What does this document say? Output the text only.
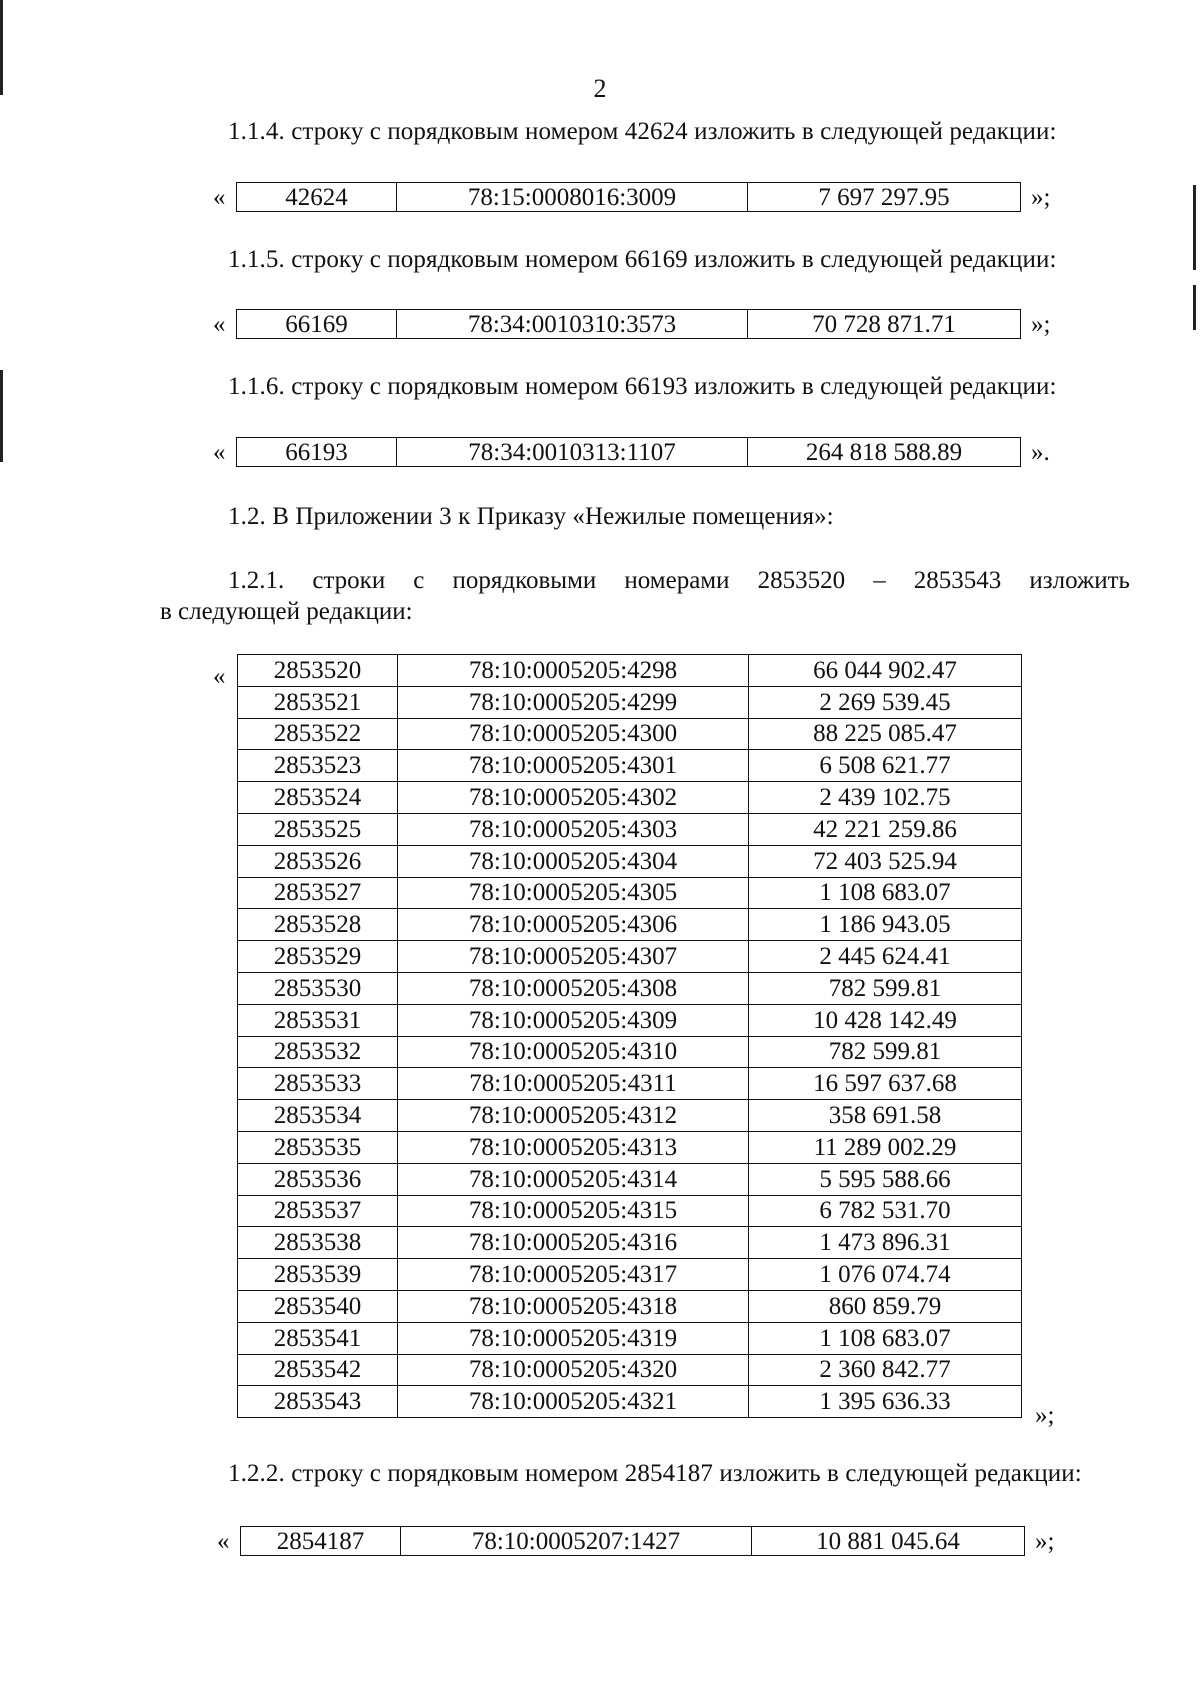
2
1.1.4. строку с порядковым номером 42624 изложить в следующей редакции:
« 42624	78:15:0008016:3009	7 697 297.95	»;
1.1.5. строку с порядковым номером 66169 изложить в следующей редакции:
« 66169	78:34:0010310:3573	70 728 871.71	»;
1.1.6. строку с порядковым номером 66193 изложить в следующей редакции:
« 66193	78:34:0010313:1107	264 818 588.89	».
1.2. В Приложении 3 к Приказу «Нежилые помещения»:
1.2.1. строки с порядковыми номерами 2853520 – 2853543 изложить
в следующей редакции:
« 2853520	78:10:0005205:4298	66 044 902.47
2853521	78:10:0005205:4299	2 269 539.45
2853522	78:10:0005205:4300	88 225 085.47
2853523	78:10:0005205:4301	6 508 621.77
2853524	78:10:0005205:4302	2 439 102.75
2853525	78:10:0005205:4303	42 221 259.86
2853526	78:10:0005205:4304	72 403 525.94
2853527	78:10:0005205:4305	1 108 683.07
2853528	78:10:0005205:4306	1 186 943.05
2853529	78:10:0005205:4307	2 445 624.41
2853530	78:10:0005205:4308	782 599.81
2853531	78:10:0005205:4309	10 428 142.49
2853532	78:10:0005205:4310	782 599.81
2853533	78:10:0005205:4311	16 597 637.68
2853534	78:10:0005205:4312	358 691.58
2853535	78:10:0005205:4313	11 289 002.29
2853536	78:10:0005205:4314	5 595 588.66
2853537	78:10:0005205:4315	6 782 531.70
2853538	78:10:0005205:4316	1 473 896.31
2853539	78:10:0005205:4317	1 076 074.74
2853540	78:10:0005205:4318	860 859.79
2853541	78:10:0005205:4319	1 108 683.07
2853542	78:10:0005205:4320	2 360 842.77
2853543	78:10:0005205:4321	1 395 636.33
»;
1.2.2. строку с порядковым номером 2854187 изложить в следующей редакции:
« 2854187	78:10:0005207:1427	10 881 045.64	»;
